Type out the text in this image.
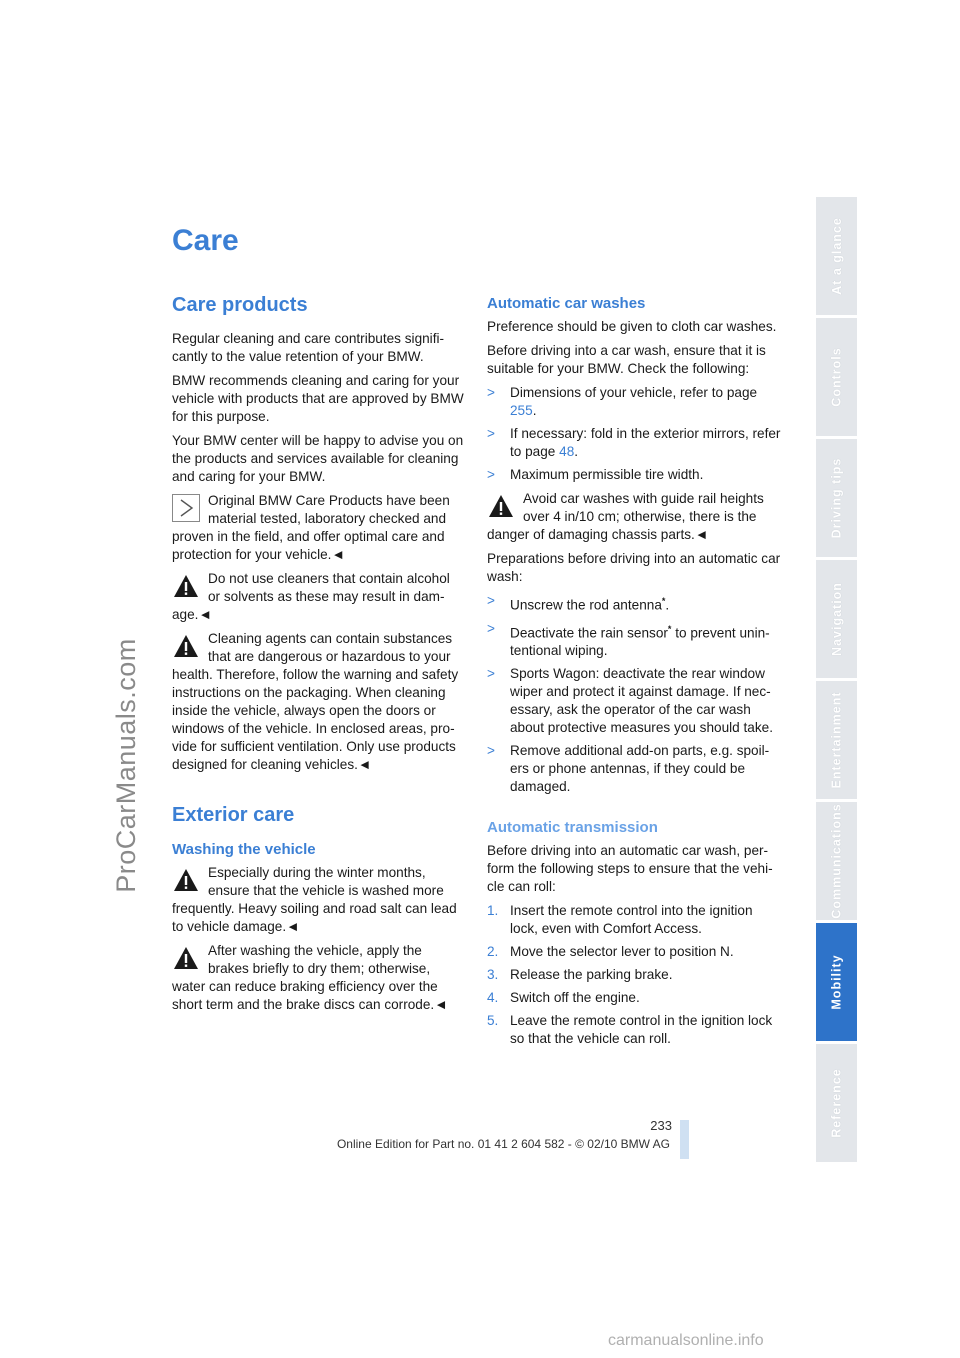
ProCarManuals.com
Care
Care products

Regular cleaning and care contributes signifi-cantly to the value retention of your BMW.

BMW recommends cleaning and caring for your vehicle with products that are approved by BMW for this purpose.

Your BMW center will be happy to advise you on the products and services available for cleaning and caring for your BMW.

Original BMW Care Products have been material tested, laboratory checked and proven in the field, and offer optimal care and protection for your vehicle.◄
Do not use cleaners that contain alcohol or solvents as these may result in dam-age.◄
Cleaning agents can contain substances that are dangerous or hazardous to your health. Therefore, follow the warning and safety instructions on the packaging. When cleaning inside the vehicle, always open the doors or windows of the vehicle. In enclosed areas, pro-vide for sufficient ventilation. Only use products designed for cleaning vehicles.◄
Exterior care
Washing the vehicle
Especially during the winter months, ensure that the vehicle is washed more frequently. Heavy soiling and road salt can lead to vehicle damage.◄
After washing the vehicle, apply the brakes briefly to dry them; otherwise, water can reduce braking efficiency over the short term and the brake discs can corrode.◄
Automatic car washes

Preference should be given to cloth car washes.

Before driving into a car wash, ensure that it is suitable for your BMW. Check the following:

> Dimensions of your vehicle, refer to page 255.
> If necessary: fold in the exterior mirrors, refer to page 48.
> Maximum permissible tire width.
Avoid car washes with guide rail heights over 4 in/10 cm; otherwise, there is the danger of damaging chassis parts.◄

Preparations before driving into an automatic car wash:

> Unscrew the rod antenna*.
> Deactivate the rain sensor* to prevent unin-tentional wiping.
> Sports Wagon: deactivate the rear window wiper and protect it against damage. If nec-essary, ask the operator of the car wash about protective measures you should take.
> Remove additional add-on parts, e.g. spoil-ers or phone antennas, if they could be damaged.
Automatic transmission

Before driving into an automatic car wash, per-form the following steps to ensure that the vehi-cle can roll:

1. Insert the remote control into the ignition lock, even with Comfort Access.
2. Move the selector lever to position N.
3. Release the parking brake.
4. Switch off the engine.
5. Leave the remote control in the ignition lock so that the vehicle can roll.
At a glance
Controls
Driving tips
Navigation
Entertainment
Communications
Mobility
Reference
233
Online Edition for Part no. 01 41 2 604 582 - © 02/10 BMW AG
carmanualsonline.info
